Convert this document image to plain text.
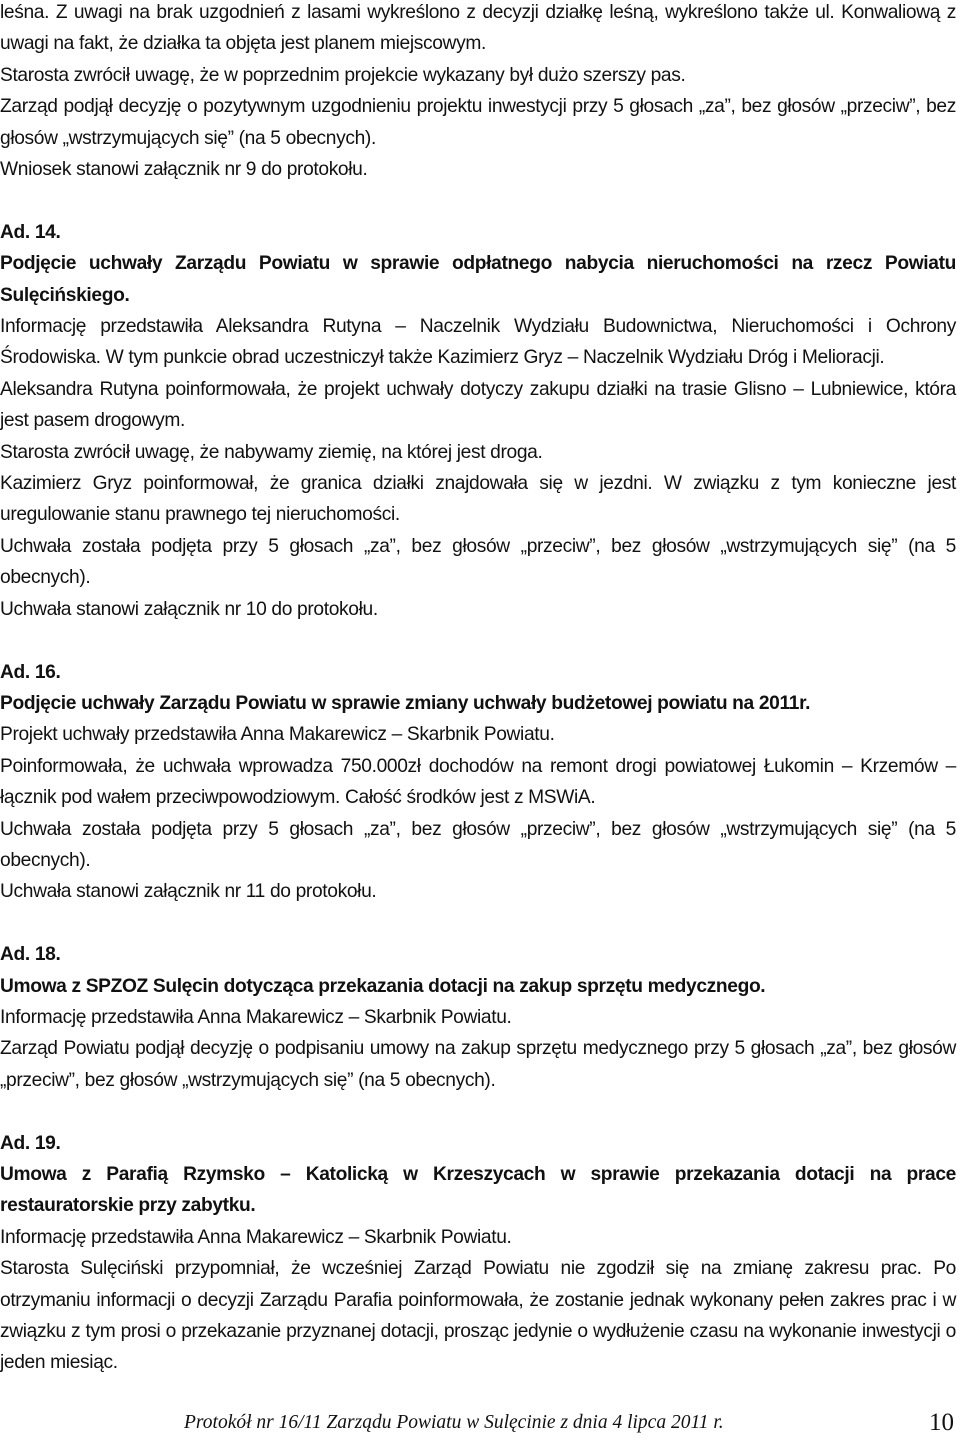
leśna. Z uwagi na brak uzgodnień z lasami wykreślono z decyzji działkę leśną, wykreślono także ul. Konwaliową z uwagi na fakt, że działka ta objęta jest planem miejscowym.

Starosta zwrócił uwagę, że w poprzednim projekcie wykazany był dużo szerszy pas.

Zarząd podjął decyzję o pozytywnym uzgodnieniu projektu inwestycji przy 5 głosach „za”, bez głosów „przeciw”, bez głosów „wstrzymujących się” (na 5 obecnych).

Wniosek stanowi załącznik nr 9 do protokołu.

Ad. 14.

Podjęcie uchwały Zarządu Powiatu w sprawie odpłatnego nabycia nieruchomości na rzecz Powiatu Sulęcińskiego.

Informację przedstawiła Aleksandra Rutyna – Naczelnik Wydziału Budownictwa, Nieruchomości i Ochrony Środowiska. W tym punkcie obrad uczestniczył także Kazimierz Gryz – Naczelnik Wydziału Dróg i Melioracji.

Aleksandra Rutyna poinformowała, że projekt uchwały dotyczy zakupu działki na trasie Glisno – Lubniewice, która jest pasem drogowym.

Starosta zwrócił uwagę, że nabywamy ziemię, na której jest droga.

Kazimierz Gryz poinformował, że granica działki znajdowała się w jezdni. W związku z tym konieczne jest uregulowanie stanu prawnego tej nieruchomości.

Uchwała została podjęta przy 5 głosach „za”, bez głosów „przeciw”, bez głosów „wstrzymujących się” (na 5 obecnych).

Uchwała stanowi załącznik nr 10 do protokołu.

Ad. 16.

Podjęcie uchwały Zarządu Powiatu w sprawie zmiany uchwały budżetowej powiatu na 2011r.

Projekt uchwały przedstawiła Anna Makarewicz – Skarbnik Powiatu.

Poinformowała, że uchwała wprowadza 750.000zł dochodów na remont drogi powiatowej Łukomin – Krzemów – łącznik pod wałem przeciwpowodziowym. Całość środków jest z MSWiA.

Uchwała została podjęta przy 5 głosach „za”, bez głosów „przeciw”, bez głosów „wstrzymujących się” (na 5 obecnych).

Uchwała stanowi załącznik nr 11 do protokołu.

Ad. 18.

Umowa z SPZOZ Sulęcin dotycząca przekazania dotacji na zakup sprzętu medycznego.

Informację przedstawiła Anna Makarewicz – Skarbnik Powiatu.

Zarząd Powiatu podjął decyzję o podpisaniu umowy na zakup sprzętu medycznego przy 5 głosach „za”, bez głosów „przeciw”, bez głosów „wstrzymujących się” (na 5 obecnych).

Ad. 19.

Umowa z Parafią Rzymsko – Katolicką w Krzeszycach w sprawie przekazania dotacji na prace restauratorskie przy zabytku.

Informację przedstawiła Anna Makarewicz – Skarbnik Powiatu.

Starosta Sulęciński przypomniał, że wcześniej Zarząd Powiatu nie zgodził się na zmianę zakresu prac. Po otrzymaniu informacji o decyzji Zarządu Parafia poinformowała, że zostanie jednak wykonany pełen zakres prac i w związku z tym prosi o przekazanie przyznanej dotacji, prosząc jedynie o wydłużenie czasu na wykonanie inwestycji o jeden miesiąc.

Protokół nr 16/11 Zarządu Powiatu w Sulęcinie z dnia 4 lipca 2011 r.	10
